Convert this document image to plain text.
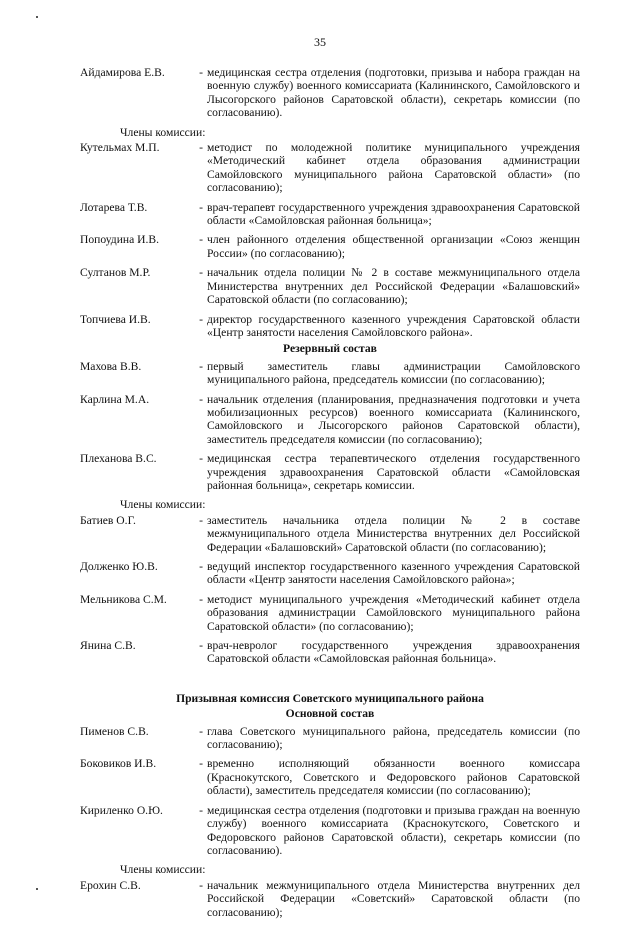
35
Айдамирова Е.В.	- медицинская сестра отделения (подготовки, призыва и набора граждан на военную службу) военного комиссариата (Калининского, Самойловского и Лысогорского районов Саратовской области), секретарь комиссии (по согласованию).
Члены комиссии:
Кутельмах М.П.	- методист по молодежной политике муниципального учреждения «Методический кабинет отдела образования администрации Самойловского муниципального района Саратовской области» (по согласованию);
Лотарева Т.В.	- врач-терапевт государственного учреждения здравоохранения Саратовской области «Самойловская районная больница»;
Попоудина И.В.	- член районного отделения общественной организации «Союз женщин России» (по согласованию);
Султанов М.Р.	- начальник отдела полиции № 2 в составе межмуниципального отдела Министерства внутренних дел Российской Федерации «Балашовский» Саратовской области (по согласованию);
Топчиева И.В.	- директор государственного казенного учреждения Саратовской области «Центр занятости населения Самойловского района».
Резервный состав
Махова В.В.	- первый заместитель главы администрации Самойловского муниципального района, председатель комиссии (по согласованию);
Карлина М.А.	- начальник отделения (планирования, предназначения подготовки и учета мобилизационных ресурсов) военного комиссариата (Калининского, Самойловского и Лысогорского районов Саратовской области), заместитель председателя комиссии (по согласованию);
Плеханова В.С.	- медицинская сестра терапевтического отделения государственного учреждения здравоохранения Саратовской области «Самойловская районная больница», секретарь комиссии.
Члены комиссии:
Батиев О.Г.	- заместитель начальника отдела полиции № 2 в составе межмуниципального отдела Министерства внутренних дел Российской Федерации «Балашовский» Саратовской области (по согласованию);
Долженко Ю.В.	- ведущий инспектор государственного казенного учреждения Саратовской области «Центр занятости населения Самойловского района»;
Мельникова С.М.	- методист муниципального учреждения «Методический кабинет отдела образования администрации Самойловского муниципального района Саратовской области» (по согласованию);
Янина С.В.	- врач-невролог государственного учреждения здравоохранения Саратовской области «Самойловская районная больница».
Призывная комиссия Советского муниципального района
Основной состав
Пименов С.В.	- глава Советского муниципального района, председатель комиссии (по согласованию);
Боковиков И.В.	- временно исполняющий обязанности военного комиссара (Краснокутского, Советского и Федоровского районов Саратовской области), заместитель председателя комиссии (по согласованию);
Кириленко О.Ю.	- медицинская сестра отделения (подготовки и призыва граждан на военную службу) военного комиссариата (Краснокутского, Советского и Федоровского районов Саратовской области), секретарь комиссии (по согласованию).
Члены комиссии:
Ерохин С.В.	- начальник межмуниципального отдела Министерства внутренних дел Российской Федерации «Советский» Саратовской области (по согласованию);
